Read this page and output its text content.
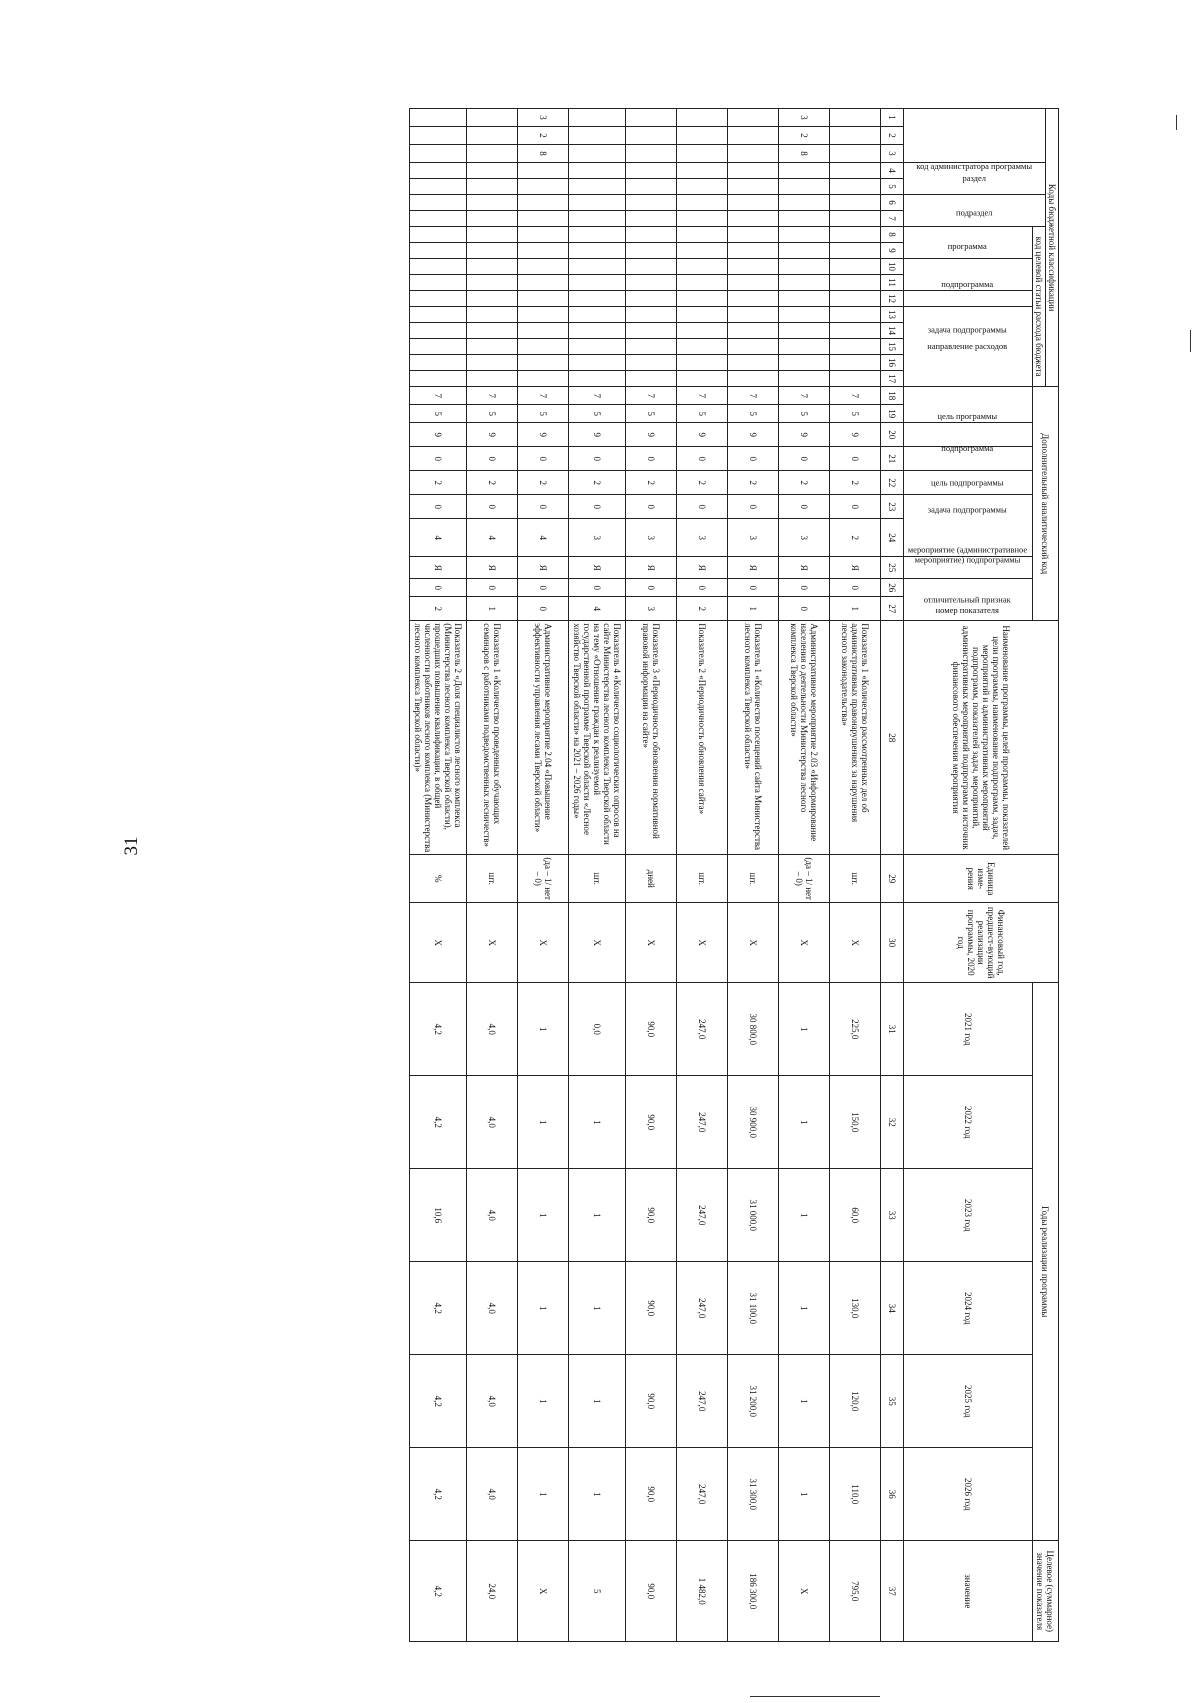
31
Коды бюджетной классификации																	Дополнительный аналитический код										Наименование программы, целей программы, показателей цели программы, наименование подпрограмм, задач, мероприятий и административных мероприятий подпрограмм, показателей задач, мероприятий, административных мероприятий подпрограмм и источник финансового обеспечения мероприятия	Единица изме-рения	Финансовый год, предшест-вующий реализации программы, 2020 год	Годы реализации программы						Целевое (суммарное) значение показателя
код администратора программы			раздел		подраздел		код целевой статьи расхода бюджета																													
							программа		подпрограмма		задача подпрограммы	направление расходов					цель программы		подпрограмма	цель подпрограммы	задача подпрограммы	мероприятие (административное мероприятие) подпрограммы		отличительный признак	номер показателя					2021 год	2022 год	2023 год	2024 год	2025 год	2026 год	значение
1	2	3	4	5	6	7	8	9	10	11	12	13	14	15	16	17	18	19	20	21	22	23	24	25	26	27	28	29	30	31	32	33	34	35	36	37
																	7	5	9	0	2	0	2	Я	0	1	Показатель 1 «Количество рассмотренных дел об административных правонарушениях за нарушения лесного законодательства»	шт.	X	225,0	150,0	60,0	130,0	120,0	110,0	795,0
3	2	8															7	5	9	0	2	0	3	Я	0	0	Административное мероприятие 2.03 «Информирование населения о деятельности Министерства лесного комплекса Тверской области»	(да – 1/ нет – 0)	X	1	1	1	1	1	1	X
																	7	5	9	0	2	0	3	Я	0	1	Показатель 1 «Количество посещений сайта Министерства лесного комплекса Тверской области»	шт.	X	30 800,0	30 900,0	31 000,0	31 100,0	31 200,0	31 300,0	186 300,0
																	7	5	9	0	2	0	3	Я	0	2	Показатель 2 «Периодичность обновления сайта»	шт.	X	247,0	247,0	247,0	247,0	247,0	247,0	1 482,0
																	7	5	9	0	2	0	3	Я	0	3	Показатель 3 «Периодичность обновления нормативной правовой информации на сайте»	дней	X	90,0	90,0	90,0	90,0	90,0	90,0	90,0
																	7	5	9	0	2	0	3	Я	0	4	Показатель 4 «Количество социологических опросов на сайте Министерства лесного комплекса Тверской области на тему «Отношение граждан к реализуемой государственной программе Тверской области «Лесное хозяйство Тверской области» на 2021 – 2026 годы»	шт.	X	0,0	1	1	1	1	1	5
3	2	8															7	5	9	0	2	0	4	Я	0	0	Административное мероприятие 2.04 «Повышение эффективности управления лесами Тверской области»	(да – 1/ нет – 0)	X	1	1	1	1	1	1	X
																	7	5	9	0	2	0	4	Я	0	1	Показатель 1 «Количество проведенных обучающих семинаров с работниками подведомственных лесничеств»	шт.	X	4,0	4,0	4,0	4,0	4,0	4,0	24,0
																	7	5	9	0	2	0	4	Я	0	2	Показатель 2 «Доля специалистов лесного комплекса (Министерства лесного комплекса Тверской области), прошедших повышение квалификации, в общей численности работников лесного комплекса (Министерства лесного комплекса Тверской области)»	%	X	4,2	4,2	10,6	4,2	4,2	4,2	4,2
